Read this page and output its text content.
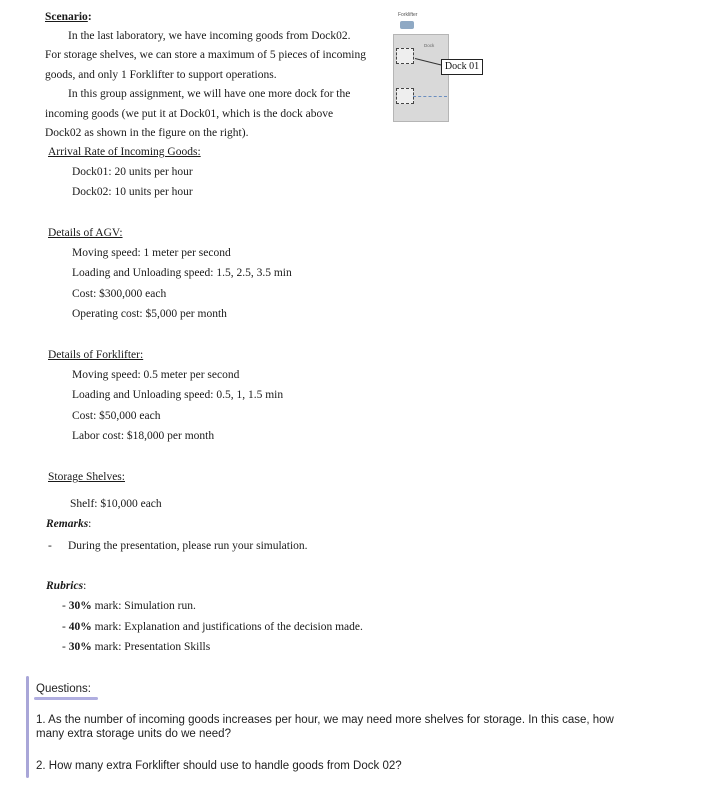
Scenario:
In the last laboratory, we have incoming goods from Dock02.
For storage shelves, we can store a maximum of 5 pieces of incoming
goods, and only 1 Forklifter to support operations.
In this group assignment, we will have one more dock for the
incoming goods (we put it at Dock01, which is the dock above
Dock02 as shown in the figure on the right).
Forklifter
Dock
Dock 01
Arrival Rate of Incoming Goods:
Dock01: 20 units per hour
Dock02: 10 units per hour
Details of AGV:
Moving speed: 1 meter per second
Loading and Unloading speed: 1.5, 2.5, 3.5 min
Cost: $300,000 each
Operating cost: $5,000 per month
Details of Forklifter:
Moving speed: 0.5 meter per second
Loading and Unloading speed: 0.5, 1, 1.5 min
Cost: $50,000 each
Labor cost: $18,000 per month
Storage Shelves:
Shelf: $10,000 each
Remarks:
- During the presentation, please run your simulation.
Rubrics:
- 30% mark: Simulation run.
- 40% mark: Explanation and justifications of the decision made.
- 30% mark: Presentation Skills
Questions:
1. As the number of incoming goods increases per hour, we may need more shelves for storage. In this case, how
many extra storage units do we need?
2. How many extra Forklifter should use to handle goods from Dock 02?
